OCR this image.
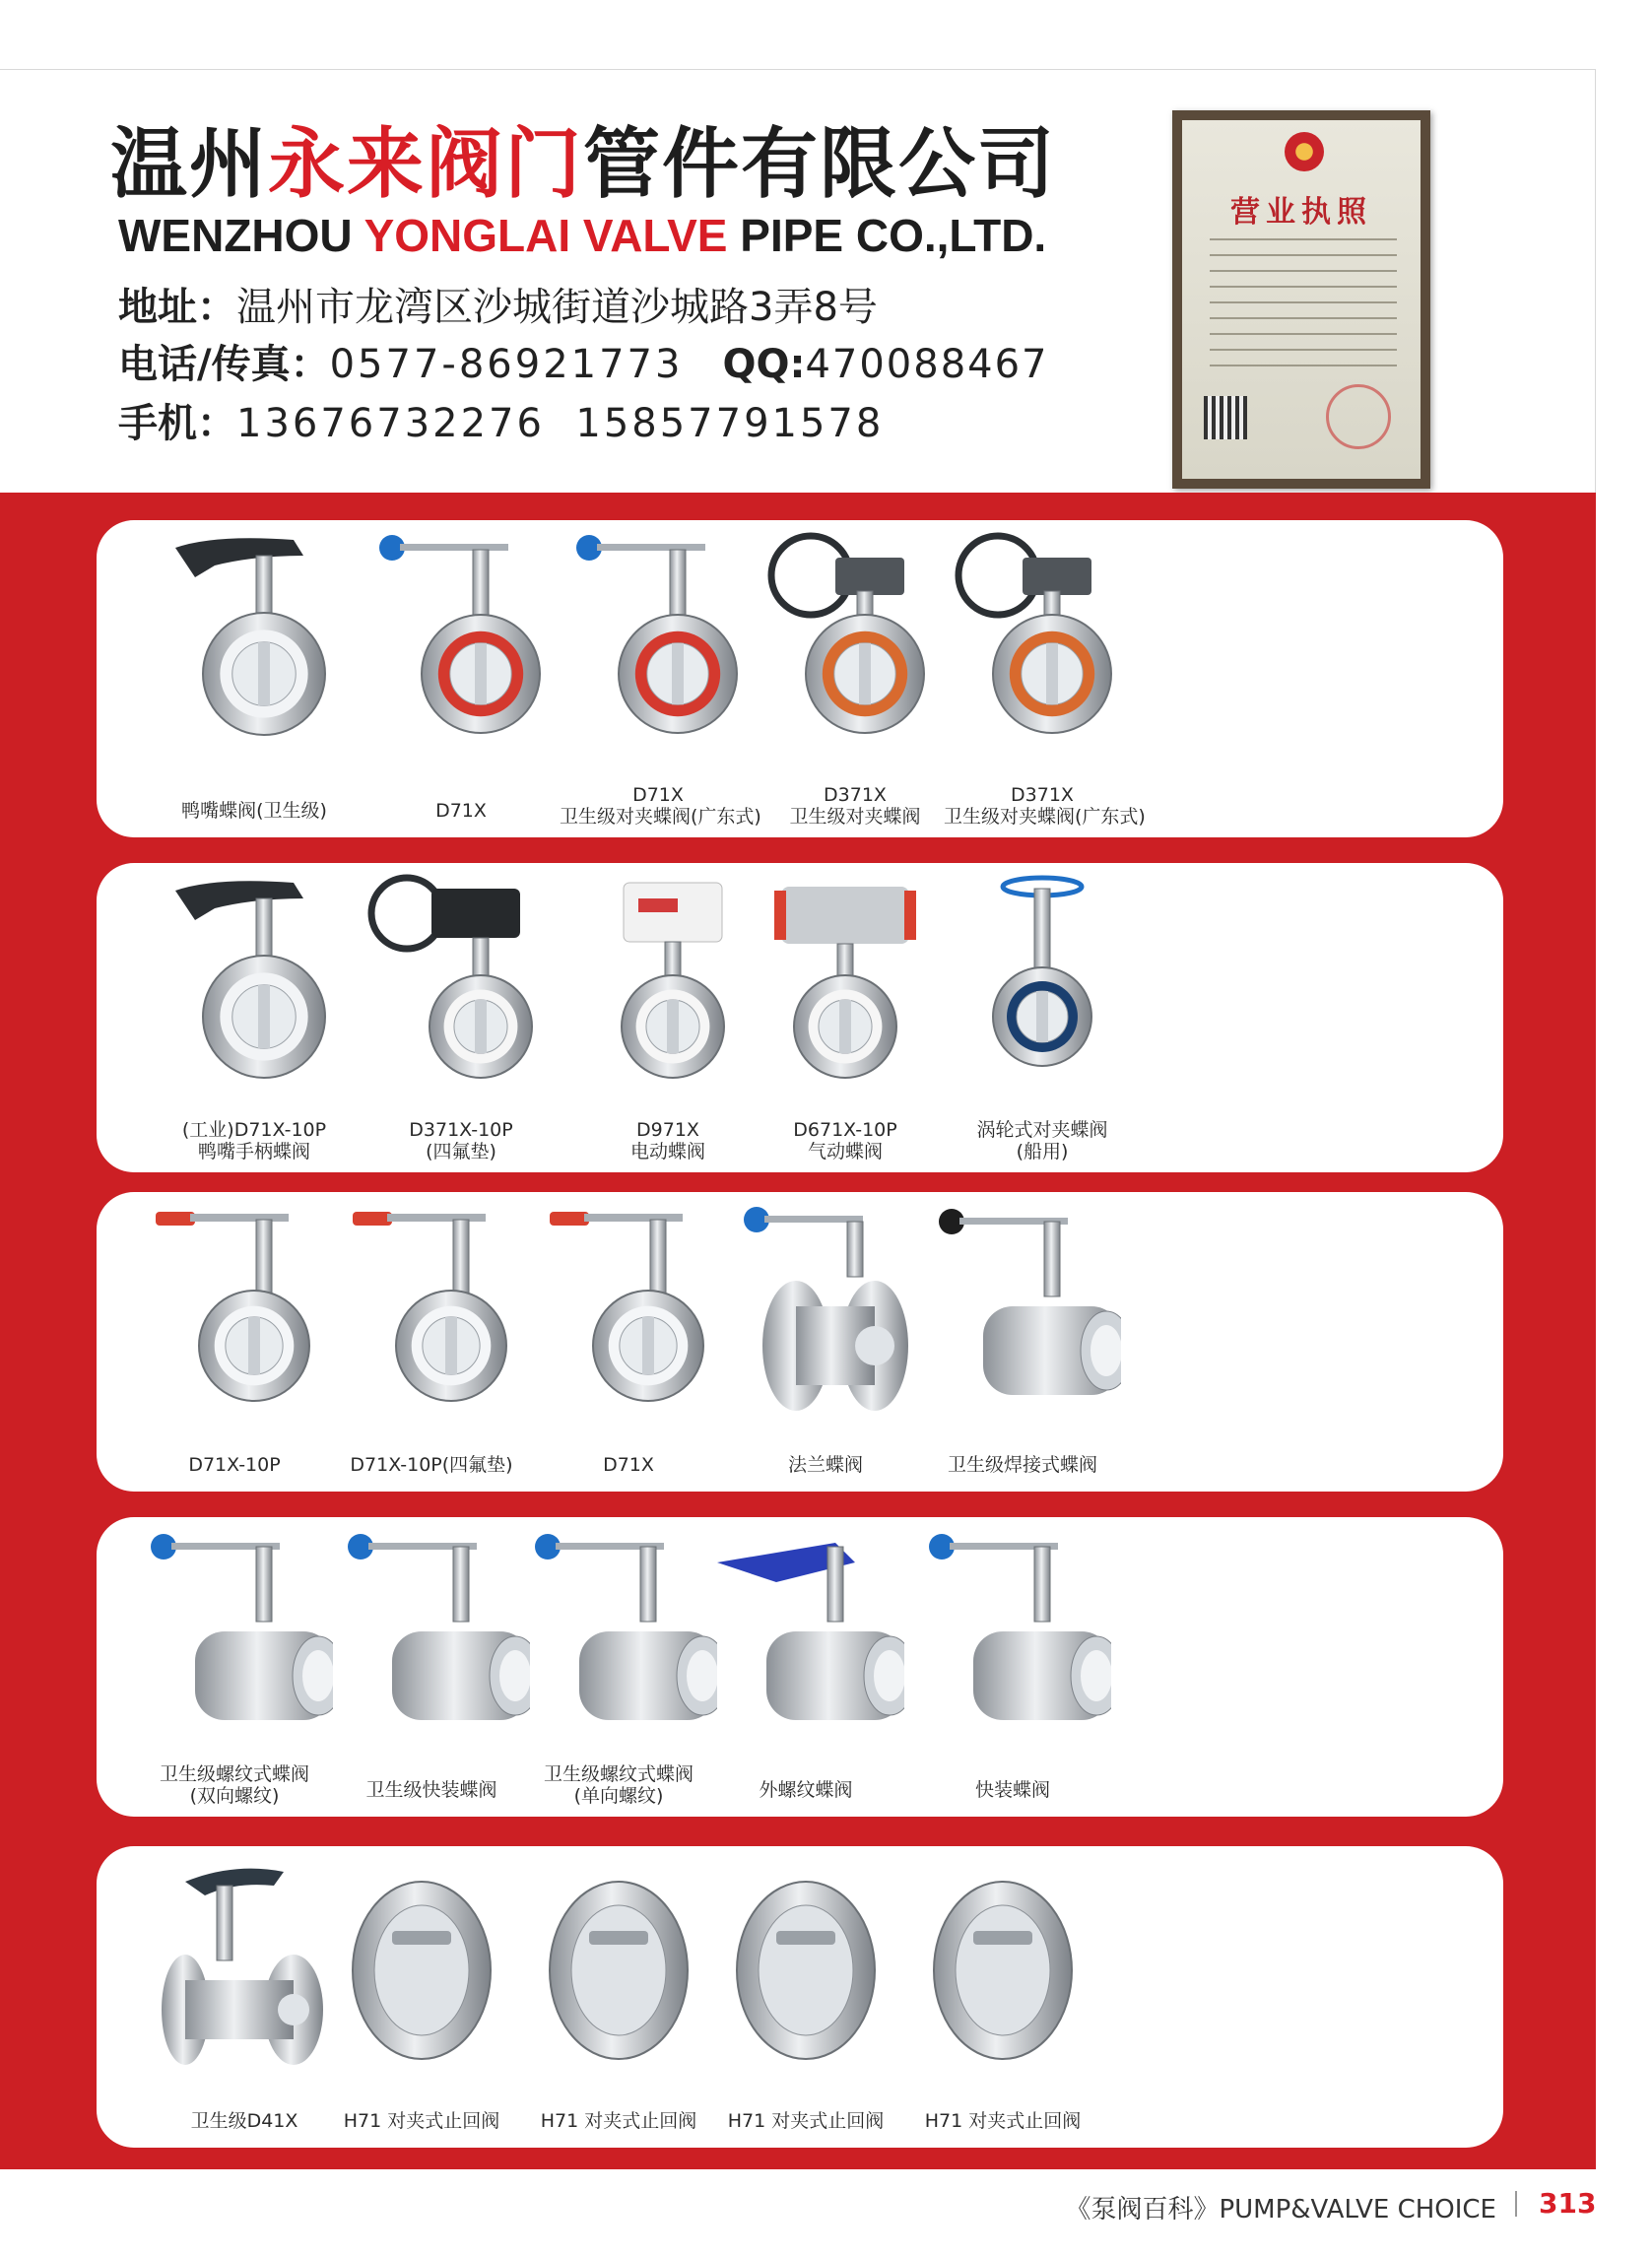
温州永来阀门管件有限公司
WENZHOU YONGLAI VALVE PIPE CO.,LTD.
地址：温州市龙湾区沙城街道沙城路3弄8号
电话/传真：0577-86921773 QQ:470088467
手机：13676732276  15857791578
营业执照
鸭嘴蝶阀(卫生级)	D71X
D71X
卫生级对夹蝶阀(广东式)
D371X
卫生级对夹蝶阀
D371X
卫生级对夹蝶阀(广东式)
(工业)D71X-10P
鸭嘴手柄蝶阀
D371X-10P
(四氟垫)
D971X
电动蝶阀
D671X-10P
气动蝶阀
涡轮式对夹蝶阀
(船用)
D71X-10P	D71X-10P(四氟垫)	D71X	法兰蝶阀	卫生级焊接式蝶阀
卫生级螺纹式蝶阀
(双向螺纹)	卫生级快装蝶阀
卫生级螺纹式蝶阀
(单向螺纹)	外螺纹蝶阀	快装蝶阀
卫生级D41X	H71 对夹式止回阀	H71 对夹式止回阀	H71 对夹式止回阀	H71 对夹式止回阀
《泵阀百科》PUMP&VALVE CHOICE 313
